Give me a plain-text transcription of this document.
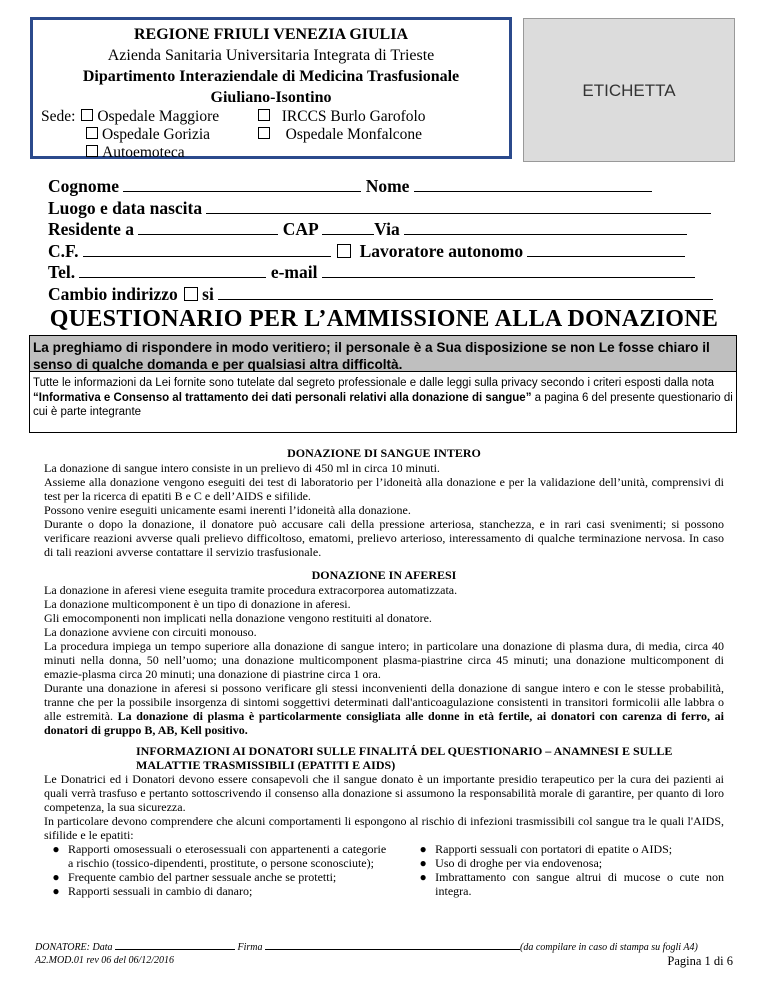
REGIONE FRIULI VENEZIA GIULIA
Azienda Sanitaria Universitaria Integrata di Trieste
Dipartimento Interaziendale di Medicina Trasfusionale
Giuliano-Isontino
Sede: Ospedale Maggiore	IRCCS Burlo Garofolo
Ospedale Gorizia	Ospedale Monfalcone
Autoemoteca
ETICHETTA
Cognome	Nome
Luogo e data nascita
Residente a	CAP	Via
C.F.	Lavoratore autonomo
Tel.	e-mail
Cambio indirizzo si
QUESTIONARIO PER L’AMMISSIONE ALLA DONAZIONE
La preghiamo di rispondere in modo veritiero; il personale è a Sua disposizione se non Le fosse chiaro il senso di qualche domanda e per qualsiasi altra difficoltà.
Tutte le informazioni da Lei fornite sono tutelate dal segreto professionale e dalle leggi sulla privacy secondo i criteri esposti dalla nota “Informativa e Consenso al trattamento dei dati personali relativi alla donazione di sangue” a pagina 6 del presente questionario di cui è parte integrante
DONAZIONE DI SANGUE INTERO
La donazione di sangue intero consiste in un prelievo di 450 ml in circa 10 minuti.
Assieme alla donazione vengono eseguiti dei test di laboratorio per l’idoneità alla donazione e per la validazione dell’unità, comprensivi di test per la ricerca di epatiti B e C e dell’AIDS e sifilide.
Possono venire eseguiti unicamente esami inerenti l’idoneità alla donazione.
Durante o dopo la donazione, il donatore può accusare cali della pressione arteriosa, stanchezza, e in rari casi svenimenti; si possono verificare reazioni avverse quali prelievo difficoltoso, ematomi, prelievo arterioso, interessamento di qualche terminazione nervosa. In caso di tali reazioni avverse contattare il servizio trasfusionale.
DONAZIONE IN AFERESI
La donazione in aferesi viene eseguita tramite procedura extracorporea automatizzata.
La donazione multicomponent è un tipo di donazione in aferesi.
Gli emocomponenti non implicati nella donazione vengono restituiti al donatore.
La donazione avviene con circuiti monouso.
La procedura impiega un tempo superiore alla donazione di sangue intero; in particolare una donazione di plasma dura, di media, circa 40 minuti nella donna, 50 nell’uomo; una donazione multicomponent plasma-piastrine circa 45 minuti; una donazione multicomponent di emazie-plasma circa 20 minuti; una donazione di piastrine circa 1 ora.
Durante una donazione in aferesi si possono verificare gli stessi inconvenienti della donazione di sangue intero e con le stesse probabilità, tranne che per la possibile insorgenza di sintomi soggettivi determinati dall'anticoagulazione consistenti in transitori formicolii alle labbra o alle estremità. La donazione di plasma è particolarmente consigliata alle donne in età fertile, ai donatori con carenza di ferro, ai donatori di gruppo B, AB, Kell positivo.
INFORMAZIONI AI DONATORI SULLE FINALITÁ DEL QUESTIONARIO – ANAMNESI E SULLE
MALATTIE TRASMISSIBILI (EPATITI E AIDS)
Le Donatrici ed i Donatori devono essere consapevoli che il sangue donato è un importante presidio terapeutico per la cura dei pazienti ai quali verrà trasfuso e pertanto sottoscrivendo il consenso alla donazione si assumono la responsabilità morale di garantire, per quanto di loro competenza, la sua sicurezza.
In particolare devono comprendere che alcuni comportamenti li espongono al rischio di infezioni trasmissibili col sangue tra le quali l'AIDS, sifilide e le epatiti:
● Rapporti omosessuali o eterosessuali con appartenenti a categorie a rischio (tossico-dipendenti, prostitute, o persone sconosciute);
● Frequente cambio del partner sessuale anche se protetti;
● Rapporti sessuali in cambio di danaro;
● Rapporti sessuali con portatori di epatite o AIDS;
● Uso di droghe per via endovenosa;
● Imbrattamento con sangue altrui di mucose o cute non integra.
DONATORE: Data	Firma	(da compilare in caso di stampa su fogli A4)
A2.MOD.01 rev 06 del 06/12/2016	Pagina 1 di 6
